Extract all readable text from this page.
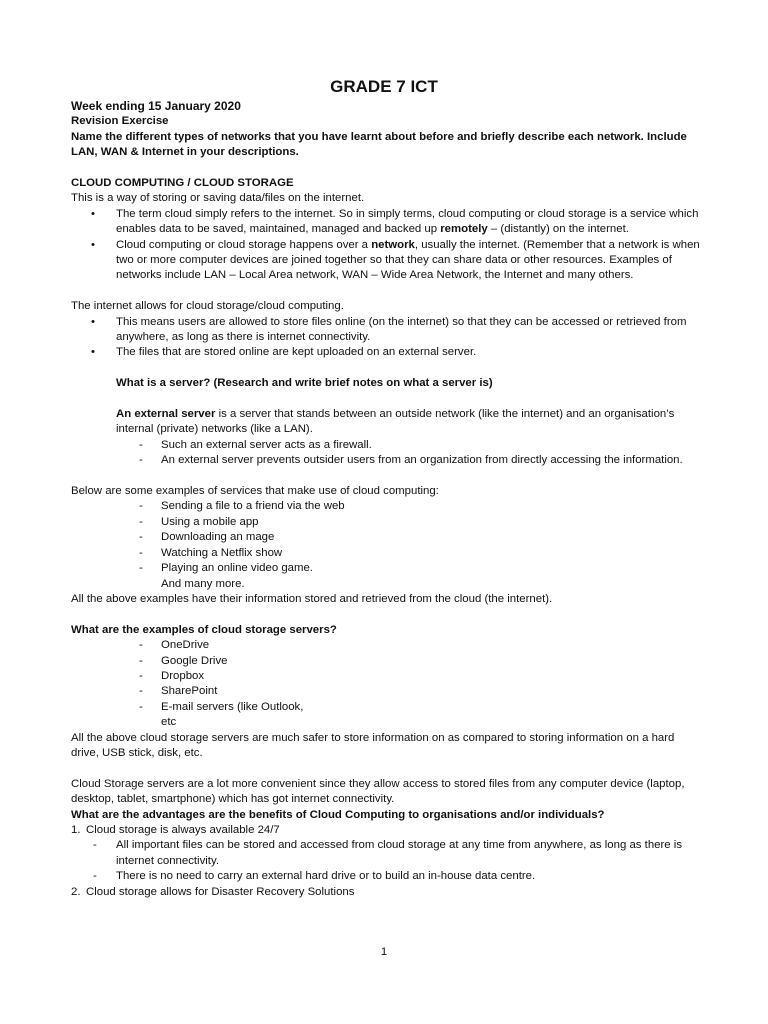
GRADE 7 ICT

Week ending 15 January 2020

Revision Exercise

Name the different types of networks that you have learnt about before and briefly describe each network. Include LAN, WAN & Internet in your descriptions.

CLOUD COMPUTING / CLOUD STORAGE

This is a way of storing or saving data/files on the internet.

• The term cloud simply refers to the internet. So in simply terms, cloud computing or cloud storage is a service which enables data to be saved, maintained, managed and backed up remotely – (distantly) on the internet.
• Cloud computing or cloud storage happens over a network, usually the internet. (Remember that a network is when two or more computer devices are joined together so that they can share data or other resources. Examples of networks include LAN – Local Area network, WAN – Wide Area Network, the Internet and many others.

The internet allows for cloud storage/cloud computing.

• This means users are allowed to store files online (on the internet) so that they can be accessed or retrieved from anywhere, as long as there is internet connectivity.
• The files that are stored online are kept uploaded on an external server.

What is a server? (Research and write brief notes on what a server is)

An external server is a server that stands between an outside network (like the internet) and an organisation’s internal (private) networks (like a LAN).

- Such an external server acts as a firewall.
- An external server prevents outsider users from an organization from directly accessing the information.

Below are some examples of services that make use of cloud computing:

- Sending a file to a friend via the web
- Using a mobile app
- Downloading an mage
- Watching a Netflix show
- Playing an online video game.

And many more.

All the above examples have their information stored and retrieved from the cloud (the internet).

What are the examples of cloud storage servers?

- OneDrive
- Google Drive
- Dropbox
- SharePoint
- E-mail servers (like Outlook,

etc

All the above cloud storage servers are much safer to store information on as compared to storing information on a hard drive, USB stick, disk, etc.

Cloud Storage servers are a lot more convenient since they allow access to stored files from any computer device (laptop, desktop, tablet, smartphone) which has got internet connectivity.

What are the advantages are the benefits of Cloud Computing to organisations and/or individuals?

1. Cloud storage is always available 24/7

- All important files can be stored and accessed from cloud storage at any time from anywhere, as long as there is internet connectivity.
- There is no need to carry an external hard drive or to build an in-house data centre.

2. Cloud storage allows for Disaster Recovery Solutions

1
